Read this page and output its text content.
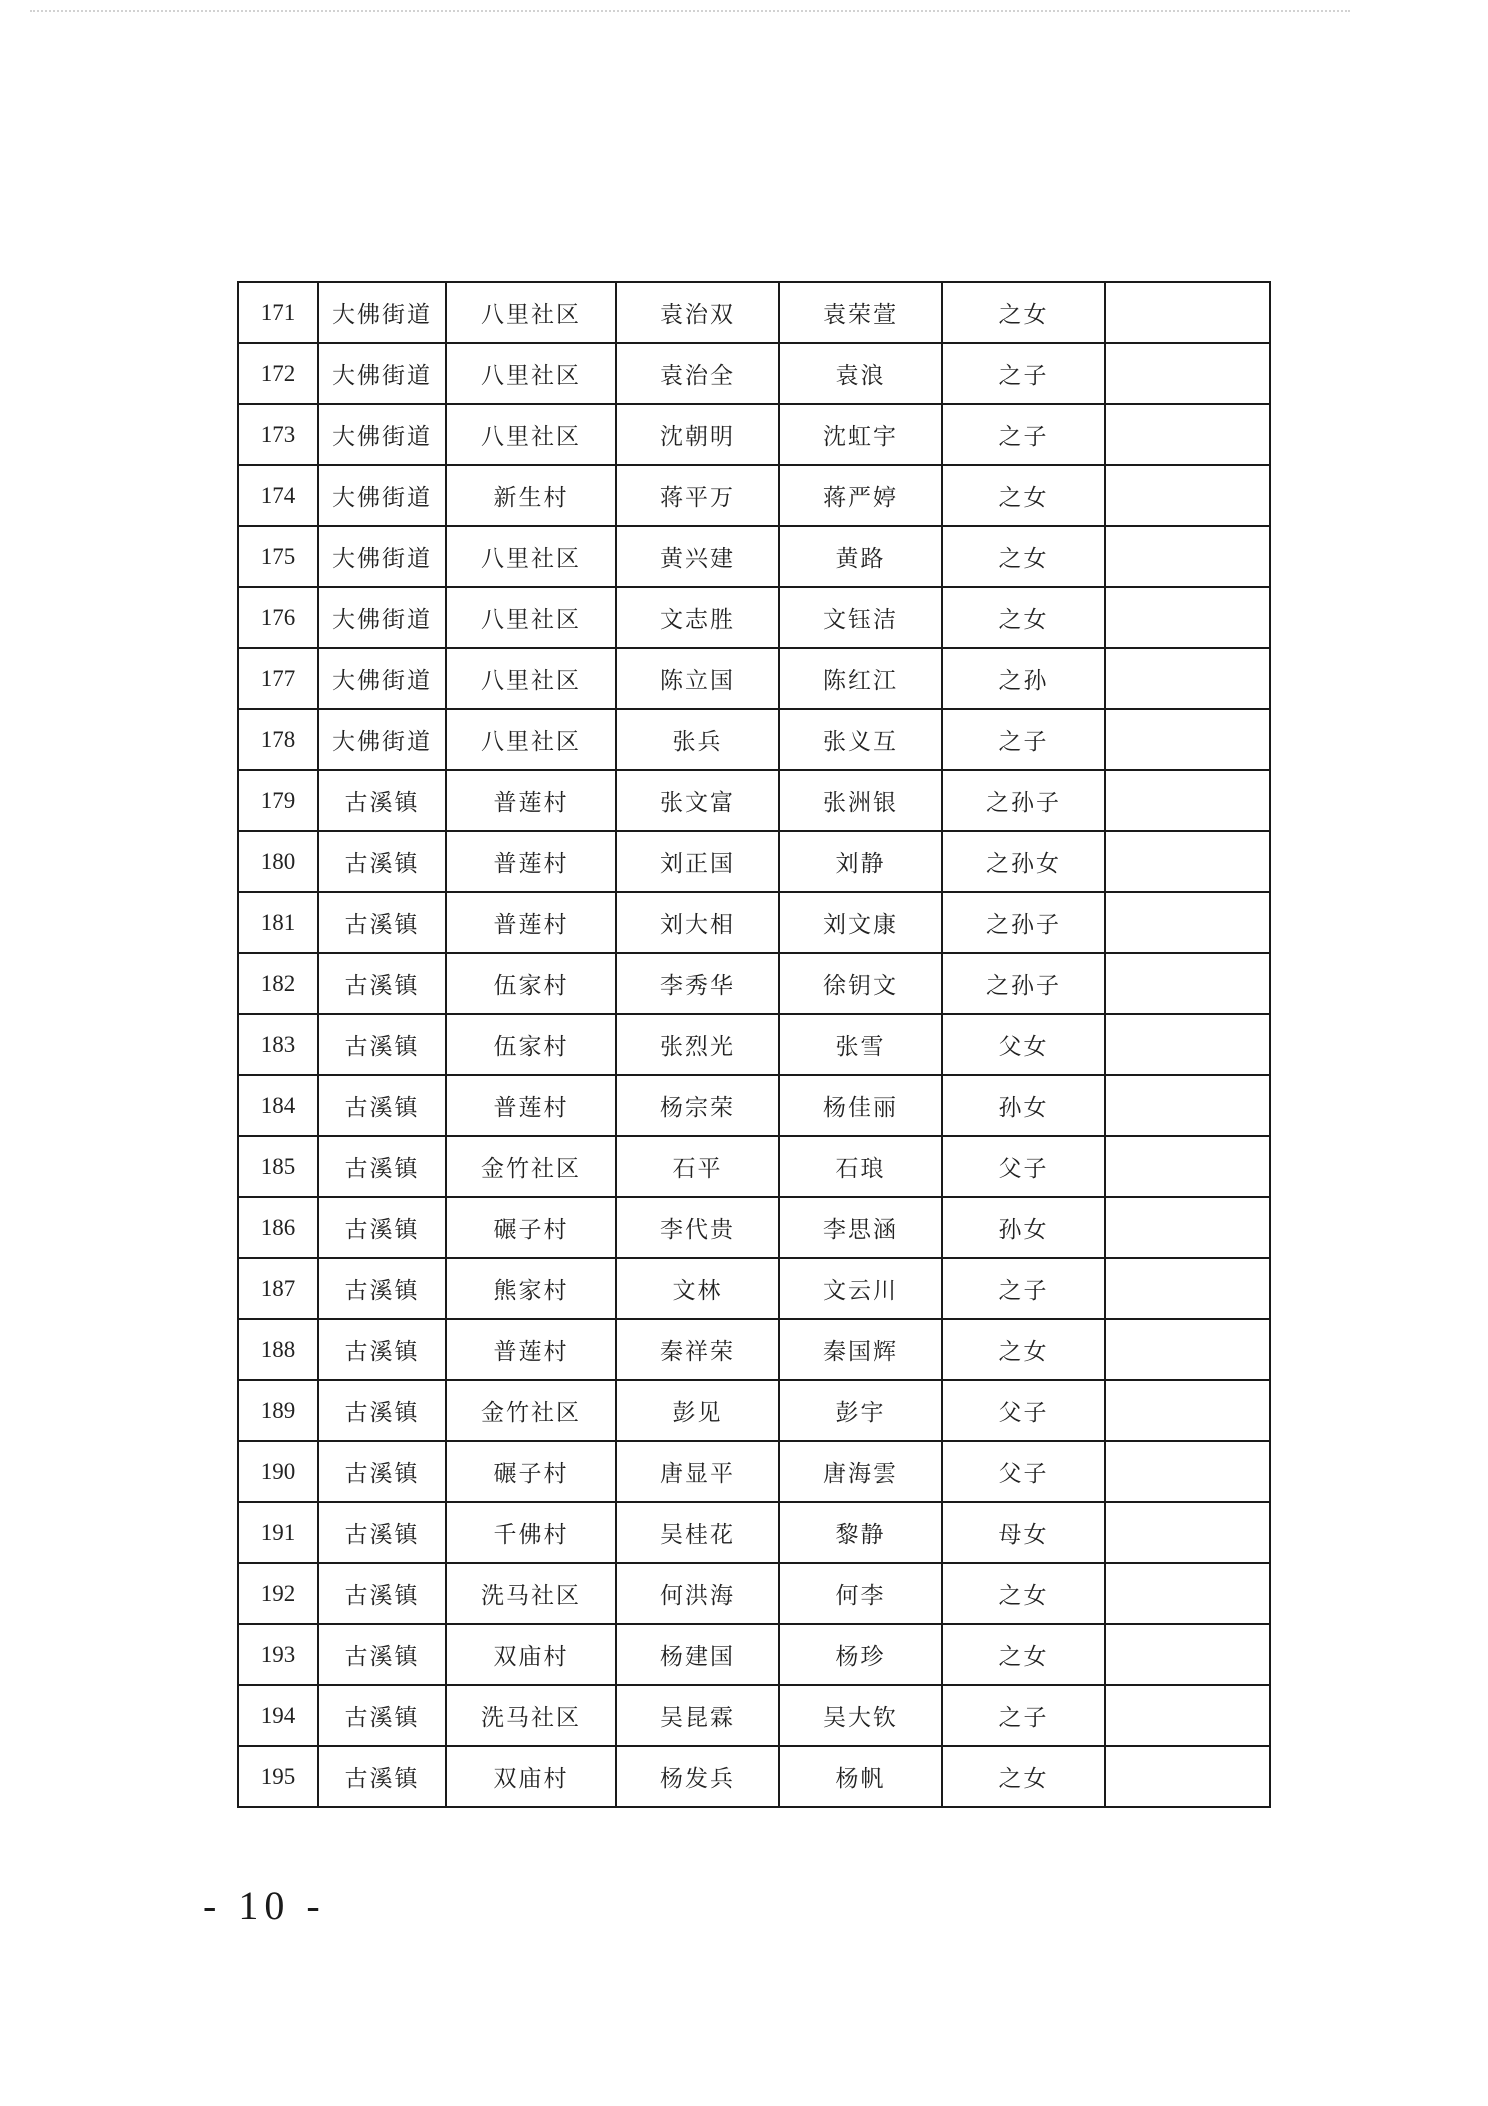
171	大佛街道	八里社区	袁治双	袁荣萱	之女	
172	大佛街道	八里社区	袁治全	袁浪	之子	
173	大佛街道	八里社区	沈朝明	沈虹宇	之子	
174	大佛街道	新生村	蒋平万	蒋严婷	之女	
175	大佛街道	八里社区	黄兴建	黄路	之女	
176	大佛街道	八里社区	文志胜	文钰洁	之女	
177	大佛街道	八里社区	陈立国	陈红江	之孙	
178	大佛街道	八里社区	张兵	张义互	之子	
179	古溪镇	普莲村	张文富	张洲银	之孙子	
180	古溪镇	普莲村	刘正国	刘静	之孙女	
181	古溪镇	普莲村	刘大相	刘文康	之孙子	
182	古溪镇	伍家村	李秀华	徐钥文	之孙子	
183	古溪镇	伍家村	张烈光	张雪	父女	
184	古溪镇	普莲村	杨宗荣	杨佳丽	孙女	
185	古溪镇	金竹社区	石平	石琅	父子	
186	古溪镇	碾子村	李代贵	李思涵	孙女	
187	古溪镇	熊家村	文林	文云川	之子	
188	古溪镇	普莲村	秦祥荣	秦国辉	之女	
189	古溪镇	金竹社区	彭见	彭宇	父子	
190	古溪镇	碾子村	唐显平	唐海雲	父子	
191	古溪镇	千佛村	吴桂花	黎静	母女	
192	古溪镇	洗马社区	何洪海	何李	之女	
193	古溪镇	双庙村	杨建国	杨珍	之女	
194	古溪镇	洗马社区	吴昆霖	吴大钦	之子	
195	古溪镇	双庙村	杨发兵	杨帆	之女	
- 10 -
